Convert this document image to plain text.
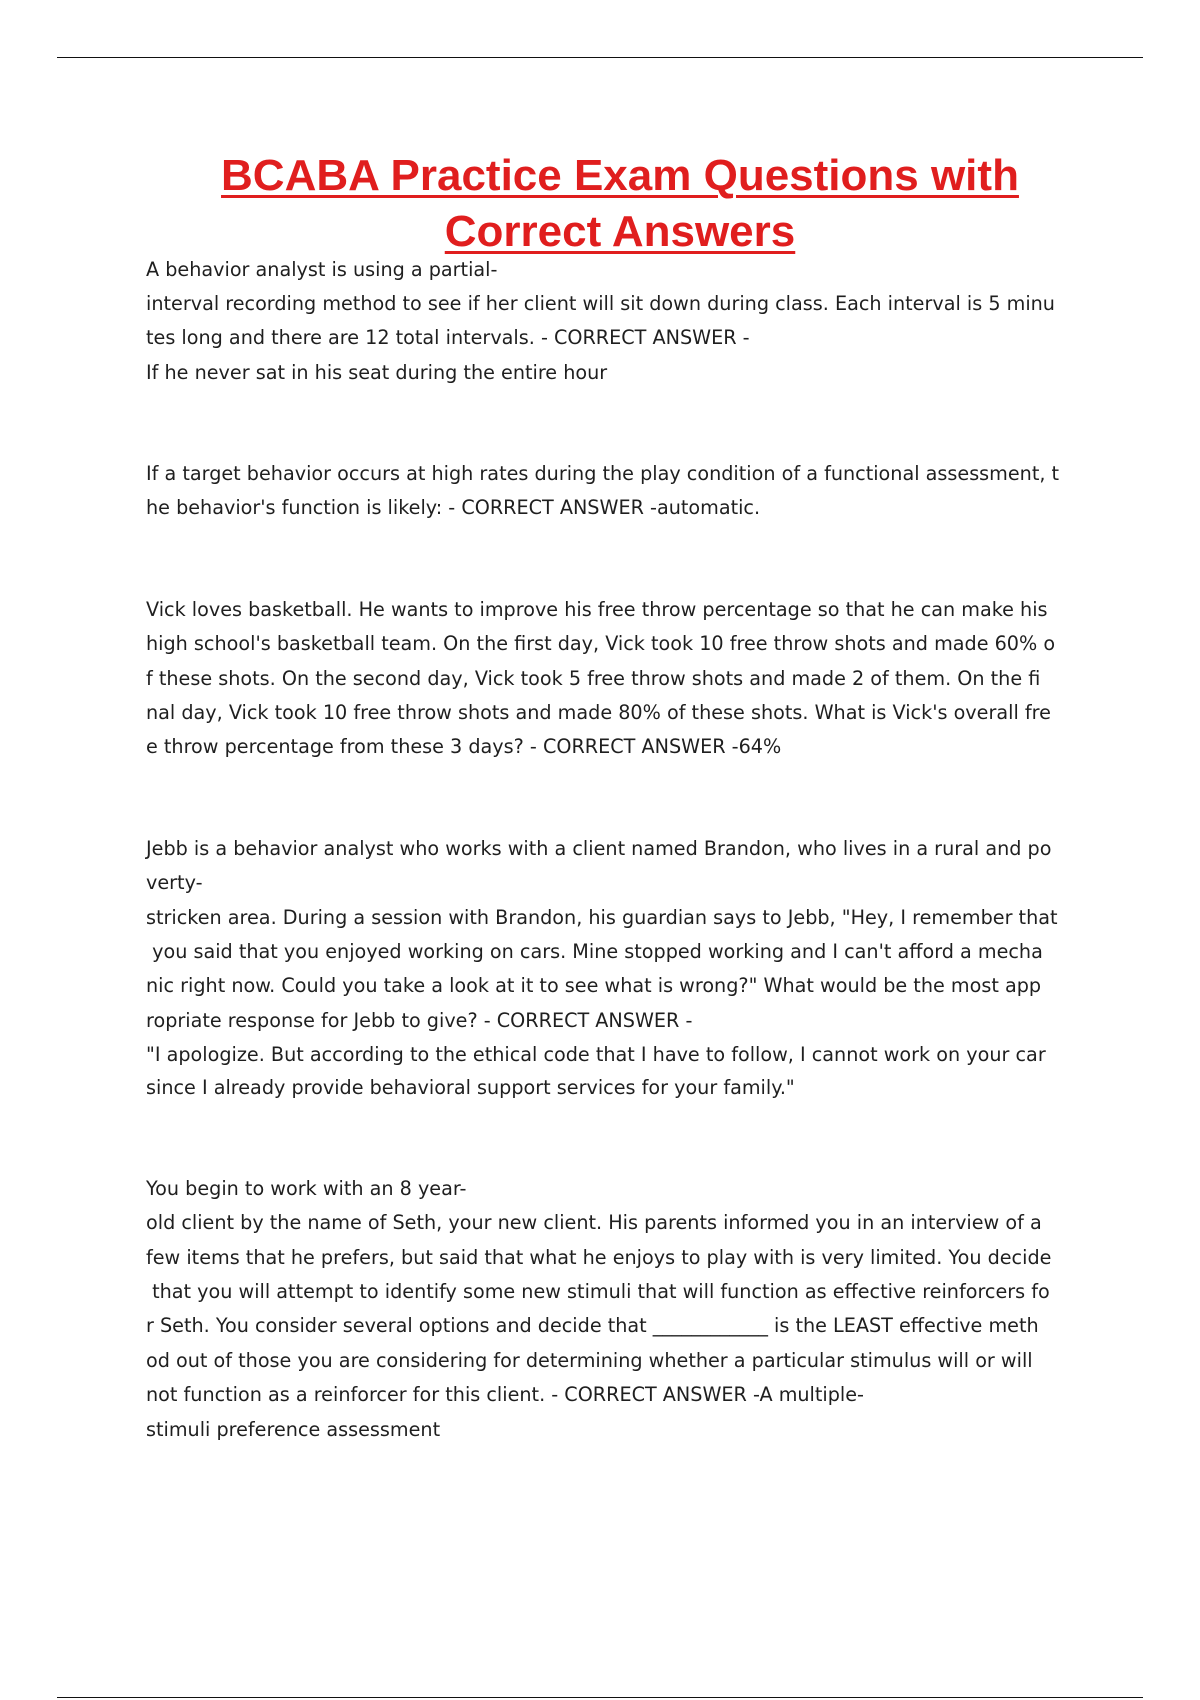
BCABA Practice Exam Questions with
Correct Answers

A behavior analyst is using a partial-

interval recording method to see if her client will sit down during class. Each interval is 5 minu

tes long and there are 12 total intervals. - CORRECT ANSWER -

If he never sat in his seat during the entire hour

If a target behavior occurs at high rates during the play condition of a functional assessment, t

he behavior's function is likely: - CORRECT ANSWER -automatic.

Vick loves basketball. He wants to improve his free throw percentage so that he can make his

high school's basketball team. On the first day, Vick took 10 free throw shots and made 60% o

f these shots. On the second day, Vick took 5 free throw shots and made 2 of them. On the fi

nal day, Vick took 10 free throw shots and made 80% of these shots. What is Vick's overall fre

e throw percentage from these 3 days? - CORRECT ANSWER -64%

Jebb is a behavior analyst who works with a client named Brandon, who lives in a rural and po

verty-

stricken area. During a session with Brandon, his guardian says to Jebb, "Hey, I remember that

you said that you enjoyed working on cars. Mine stopped working and I can't afford a mecha

nic right now. Could you take a look at it to see what is wrong?" What would be the most app

ropriate response for Jebb to give? - CORRECT ANSWER -

"I apologize. But according to the ethical code that I have to follow, I cannot work on your car

since I already provide behavioral support services for your family."

You begin to work with an 8 year-

old client by the name of Seth, your new client. His parents informed you in an interview of a

few items that he prefers, but said that what he enjoys to play with is very limited. You decide

that you will attempt to identify some new stimuli that will function as effective reinforcers fo

r Seth. You consider several options and decide that ____________ is the LEAST effective meth

od out of those you are considering for determining whether a particular stimulus will or will

not function as a reinforcer for this client. - CORRECT ANSWER -A multiple-

stimuli preference assessment
